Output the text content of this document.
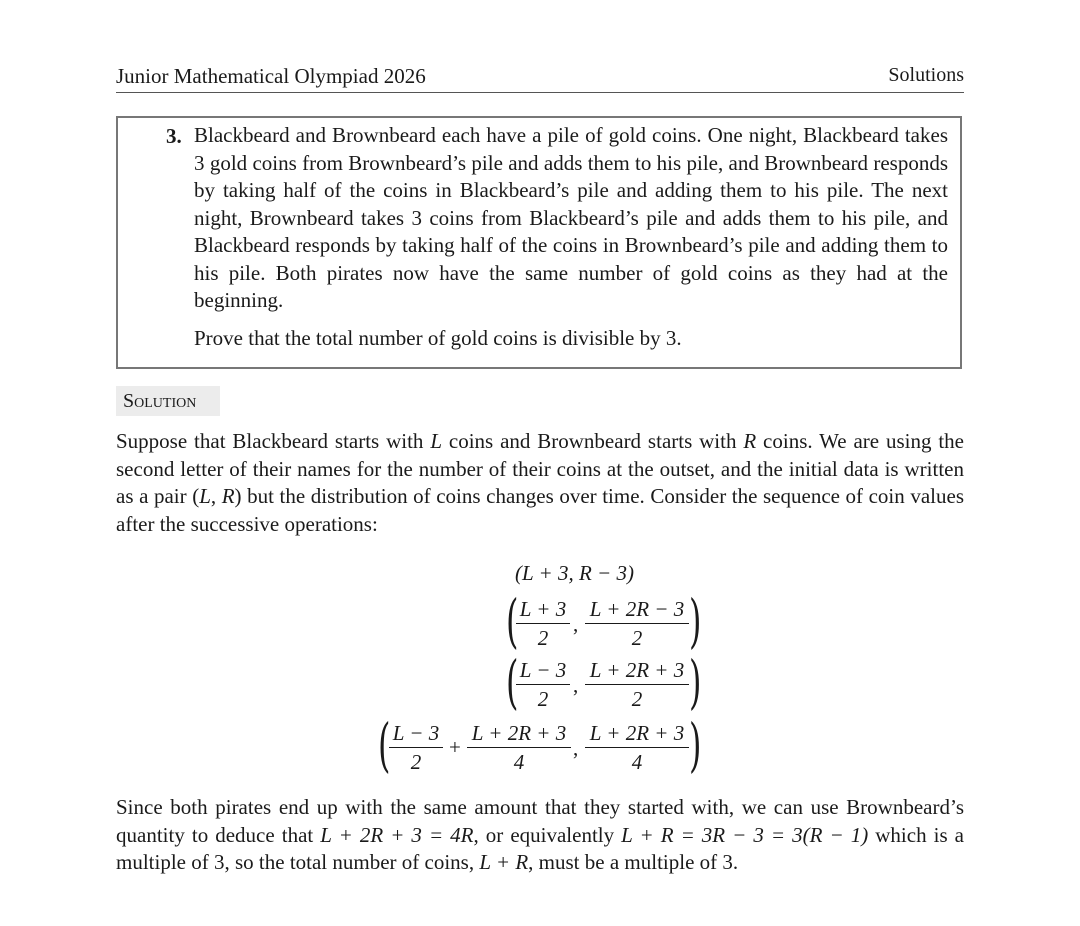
Junior Mathematical Olympiad 2026	Solutions
3. Blackbeard and Brownbeard each have a pile of gold coins. One night, Blackbeard takes 3 gold coins from Brownbeard’s pile and adds them to his pile, and Brownbeard responds by taking half of the coins in Blackbeard’s pile and adding them to his pile. The next night, Brownbeard takes 3 coins from Blackbeard’s pile and adds them to his pile, and Blackbeard responds by taking half of the coins in Brownbeard’s pile and adding them to his pile. Both pirates now have the same number of gold coins as they had at the beginning.

Prove that the total number of gold coins is divisible by 3.

Solution

Suppose that Blackbeard starts with L coins and Brownbeard starts with R coins. We are using the second letter of their names for the number of their coins at the outset, and the initial data is written as a pair (L, R) but the distribution of coins changes over time. Consider the sequence of coin values after the successive operations:

(L + 3, R − 3)
(
$\frac{L + 3}{2}$ , $\frac{L + 2R - 3}{2}$ )
(
$\frac{L - 3}{2}$ , $\frac{L + 2R + 3}{2}$ )
(
$\frac{L - 3}{2} + \frac{L + 2R + 3}{4}$ , $\frac{L + 2R + 3}{4}$ )

Since both pirates end up with the same amount that they started with, we can use Brownbeard’s quantity to deduce that L + 2R + 3 = 4R, or equivalently L + R = 3R − 3 = 3(R − 1) which is a multiple of 3, so the total number of coins, L + R, must be a multiple of 3.
